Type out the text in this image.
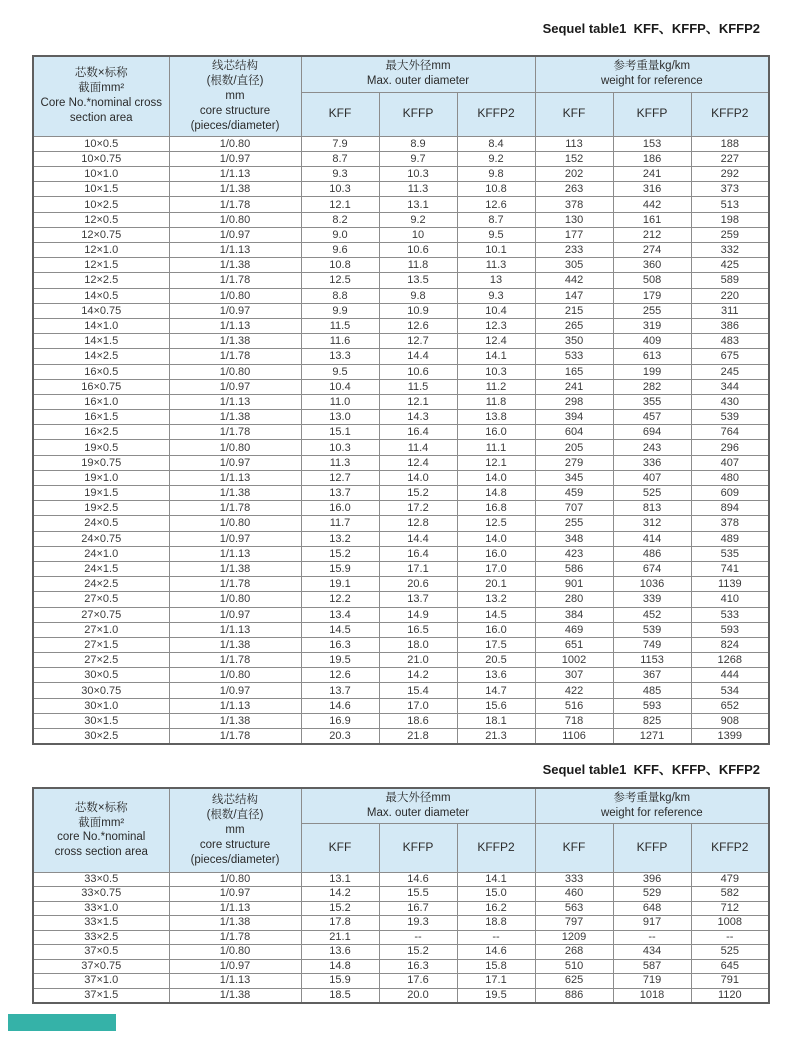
Sequel table1  KFF、KFFP、KFFP2
芯数×标称
截面mm²
Core No.*nominal cross
section area	线芯结构
(根数/直径)
mm
core structure
(pieces/diameter)	最大外径mm
Max. outer diameter			参考重量kg/km
weight for reference		
		KFF	KFFP	KFFP2	KFF	KFFP	KFFP2
10×0.5	1/0.80	7.9	8.9	8.4	113	153	188
10×0.75	1/0.97	8.7	9.7	9.2	152	186	227
10×1.0	1/1.13	9.3	10.3	9.8	202	241	292
10×1.5	1/1.38	10.3	11.3	10.8	263	316	373
10×2.5	1/1.78	12.1	13.1	12.6	378	442	513
12×0.5	1/0.80	8.2	9.2	8.7	130	161	198
12×0.75	1/0.97	9.0	10	9.5	177	212	259
12×1.0	1/1.13	9.6	10.6	10.1	233	274	332
12×1.5	1/1.38	10.8	11.8	11.3	305	360	425
12×2.5	1/1.78	12.5	13.5	13	442	508	589
14×0.5	1/0.80	8.8	9.8	9.3	147	179	220
14×0.75	1/0.97	9.9	10.9	10.4	215	255	311
14×1.0	1/1.13	11.5	12.6	12.3	265	319	386
14×1.5	1/1.38	11.6	12.7	12.4	350	409	483
14×2.5	1/1.78	13.3	14.4	14.1	533	613	675
16×0.5	1/0.80	9.5	10.6	10.3	165	199	245
16×0.75	1/0.97	10.4	11.5	11.2	241	282	344
16×1.0	1/1.13	11.0	12.1	11.8	298	355	430
16×1.5	1/1.38	13.0	14.3	13.8	394	457	539
16×2.5	1/1.78	15.1	16.4	16.0	604	694	764
19×0.5	1/0.80	10.3	11.4	11.1	205	243	296
19×0.75	1/0.97	11.3	12.4	12.1	279	336	407
19×1.0	1/1.13	12.7	14.0	14.0	345	407	480
19×1.5	1/1.38	13.7	15.2	14.8	459	525	609
19×2.5	1/1.78	16.0	17.2	16.8	707	813	894
24×0.5	1/0.80	11.7	12.8	12.5	255	312	378
24×0.75	1/0.97	13.2	14.4	14.0	348	414	489
24×1.0	1/1.13	15.2	16.4	16.0	423	486	535
24×1.5	1/1.38	15.9	17.1	17.0	586	674	741
24×2.5	1/1.78	19.1	20.6	20.1	901	1036	1139
27×0.5	1/0.80	12.2	13.7	13.2	280	339	410
27×0.75	1/0.97	13.4	14.9	14.5	384	452	533
27×1.0	1/1.13	14.5	16.5	16.0	469	539	593
27×1.5	1/1.38	16.3	18.0	17.5	651	749	824
27×2.5	1/1.78	19.5	21.0	20.5	1002	1153	1268
30×0.5	1/0.80	12.6	14.2	13.6	307	367	444
30×0.75	1/0.97	13.7	15.4	14.7	422	485	534
30×1.0	1/1.13	14.6	17.0	15.6	516	593	652
30×1.5	1/1.38	16.9	18.6	18.1	718	825	908
30×2.5	1/1.78	20.3	21.8	21.3	1106	1271	1399
Sequel table1  KFF、KFFP、KFFP2
芯数×标称
截面mm²
core No.*nominal
cross section area	线芯结构
(根数/直径)
mm
core structure
(pieces/diameter)	最大外径mm
Max. outer diameter			参考重量kg/km
weight for reference		
		KFF	KFFP	KFFP2	KFF	KFFP	KFFP2
33×0.5	1/0.80	13.1	14.6	14.1	333	396	479
33×0.75	1/0.97	14.2	15.5	15.0	460	529	582
33×1.0	1/1.13	15.2	16.7	16.2	563	648	712
33×1.5	1/1.38	17.8	19.3	18.8	797	917	1008
33×2.5	1/1.78	21.1	--	--	1209	--	--
37×0.5	1/0.80	13.6	15.2	14.6	268	434	525
37×0.75	1/0.97	14.8	16.3	15.8	510	587	645
37×1.0	1/1.13	15.9	17.6	17.1	625	719	791
37×1.5	1/1.38	18.5	20.0	19.5	886	1018	1120
